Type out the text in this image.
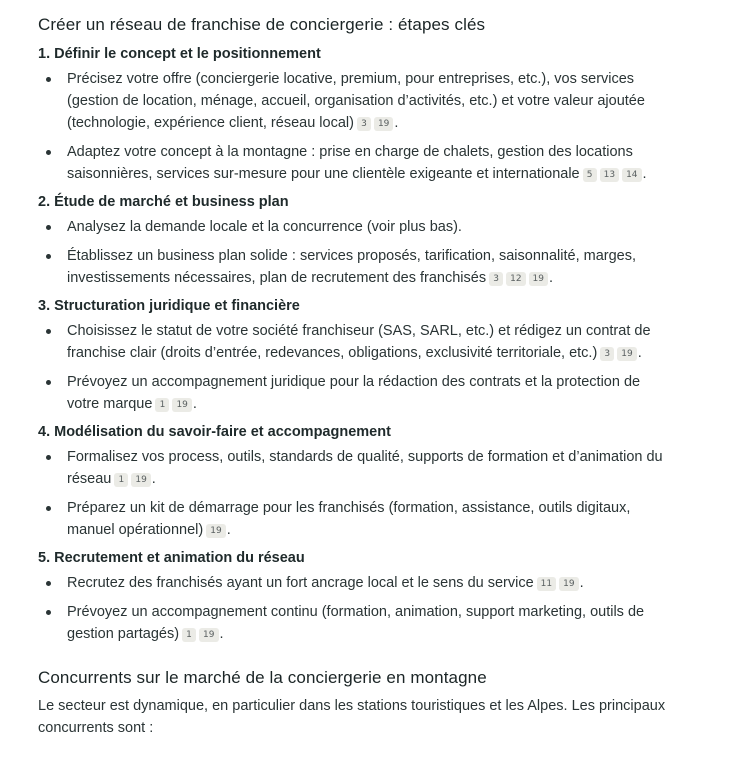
Créer un réseau de franchise de conciergerie : étapes clés
1. Définir le concept et le positionnement
Précisez votre offre (conciergerie locative, premium, pour entreprises, etc.), vos services (gestion de location, ménage, accueil, organisation d’activités, etc.) et votre valeur ajoutée (technologie, expérience client, réseau local) 3 19 .
Adaptez votre concept à la montagne : prise en charge de chalets, gestion des locations saisonnières, services sur-mesure pour une clientèle exigeante et internationale 5 13 14 .
2. Étude de marché et business plan
Analysez la demande locale et la concurrence (voir plus bas).
Établissez un business plan solide : services proposés, tarification, saisonnalité, marges, investissements nécessaires, plan de recrutement des franchisés 3 12 19 .
3. Structuration juridique et financière
Choisissez le statut de votre société franchiseur (SAS, SARL, etc.) et rédigez un contrat de franchise clair (droits d’entrée, redevances, obligations, exclusivité territoriale, etc.) 3 19 .
Prévoyez un accompagnement juridique pour la rédaction des contrats et la protection de votre marque 1 19 .
4. Modélisation du savoir-faire et accompagnement
Formalisez vos process, outils, standards de qualité, supports de formation et d’animation du réseau 1 19 .
Préparez un kit de démarrage pour les franchisés (formation, assistance, outils digitaux, manuel opérationnel) 19 .
5. Recrutement et animation du réseau
Recrutez des franchisés ayant un fort ancrage local et le sens du service 11 19 .
Prévoyez un accompagnement continu (formation, animation, support marketing, outils de gestion partagés) 1 19 .
Concurrents sur le marché de la conciergerie en montagne

Le secteur est dynamique, en particulier dans les stations touristiques et les Alpes. Les principaux concurrents sont :
